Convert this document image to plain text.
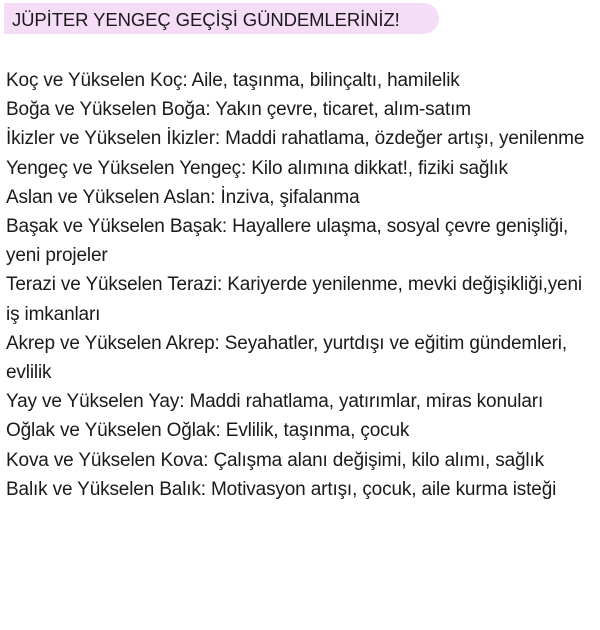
JÜPİTER YENGEÇ GEÇİŞİ GÜNDEMLERİNİZ!
Koç ve Yükselen Koç: Aile, taşınma, bilinçaltı, hamilelik
Boğa ve Yükselen Boğa: Yakın çevre, ticaret, alım-satım
İkizler ve Yükselen İkizler: Maddi rahatlama, özdeğer artışı, yenilenme
Yengeç ve Yükselen Yengeç: Kilo alımına dikkat!, fiziki sağlık
Aslan ve Yükselen Aslan: İnziva, şifalanma
Başak ve Yükselen Başak: Hayallere ulaşma, sosyal çevre genişliği, yeni projeler
Terazi ve Yükselen Terazi: Kariyerde yenilenme, mevki değişikliği,yeni iş imkanları
Akrep ve Yükselen Akrep: Seyahatler, yurtdışı ve eğitim gündemleri, evlilik
Yay ve Yükselen Yay: Maddi rahatlama, yatırımlar, miras konuları
Oğlak ve Yükselen Oğlak: Evlilik, taşınma, çocuk
Kova ve Yükselen Kova: Çalışma alanı değişimi, kilo alımı, sağlık
Balık ve Yükselen Balık: Motivasyon artışı, çocuk, aile kurma isteği
